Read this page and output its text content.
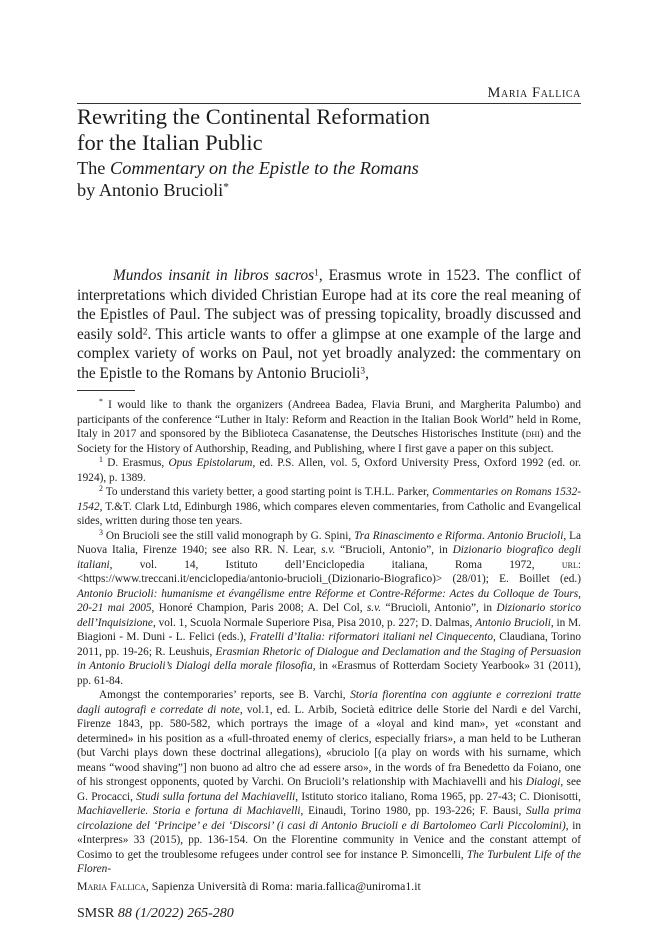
Maria Fallica
Rewriting the Continental Reformation
for the Italian Public
The Commentary on the Epistle to the Romans
by Antonio Brucioli*

Mundos insanit in libros sacros$^1$, Erasmus wrote in 1523. The conflict of interpretations which divided Christian Europe had at its core the real meaning of the Epistles of Paul. The subject was of pressing topicality, broadly discussed and easily sold$^2$. This article wants to offer a glimpse at one example of the large and complex variety of works on Paul, not yet broadly analyzed: the commentary on the Epistle to the Romans by Antonio Brucioli$^3$,

* I would like to thank the organizers (Andreea Badea, Flavia Bruni, and Margherita Palumbo) and participants of the conference “Luther in Italy: Reform and Reaction in the Italian Book World” held in Rome, Italy in 2017 and sponsored by the Biblioteca Casanatense, the Deutsches Historisches Institute (dhi) and the Society for the History of Authorship, Reading, and Publishing, where I first gave a paper on this subject.

$^1$ D. Erasmus, Opus Epistolarum, ed. P.S. Allen, vol. 5, Oxford University Press, Oxford 1992 (ed. or. 1924), p. 1389.

$^2$ To understand this variety better, a good starting point is T.H.L. Parker, Commentaries on Romans 1532-1542, T.&T. Clark Ltd, Edinburgh 1986, which compares eleven commentaries, from Catholic and Evangelical sides, written during those ten years.

$^3$ On Brucioli see the still valid monograph by G. Spini, Tra Rinascimento e Riforma. Antonio Brucioli, La Nuova Italia, Firenze 1940; see also RR. N. Lear, s.v. “Brucioli, Antonio”, in Dizionario biografico degli italiani, vol. 14, Istituto dell’Enciclopedia italiana, Roma 1972, url: <https://www.treccani.it/enciclopedia/antonio-brucioli_(Dizionario-Biografico)> (28/01); E. Boillet (ed.) Antonio Brucioli: humanisme et évangélisme entre Réforme et Contre-Réforme: Actes du Colloque de Tours, 20-21 mai 2005, Honoré Champion, Paris 2008; A. Del Col, s.v. “Brucioli, Antonio”, in Dizionario storico dell’Inquisizione, vol. 1, Scuola Normale Superiore Pisa, Pisa 2010, p. 227; D. Dalmas, Antonio Brucioli, in M. Biagioni - M. Duni - L. Felici (eds.), Fratelli d’Italia: riformatori italiani nel Cinquecento, Claudiana, Torino 2011, pp. 19-26; R. Leushuis, Erasmian Rhetoric of Dialogue and Declamation and the Staging of Persuasion in Antonio Brucioli’s Dialogi della morale filosofia, in «Erasmus of Rotterdam Society Yearbook» 31 (2011), pp. 61-84.

Amongst the contemporaries’ reports, see B. Varchi, Storia fiorentina con aggiunte e correzioni tratte dagli autografi e corredate di note, vol.1, ed. L. Arbib, Società editrice delle Storie del Nardi e del Varchi, Firenze 1843, pp. 580-582, which portrays the image of a «loyal and kind man», yet «constant and determined» in his position as a «full-throated enemy of clerics, especially friars», a man held to be Lutheran (but Varchi plays down these doctrinal allegations), «bruciolo [(a play on words with his surname, which means “wood shaving”] non buono ad altro che ad essere arso», in the words of fra Benedetto da Foiano, one of his strongest opponents, quoted by Varchi. On Brucioli’s relationship with Machiavelli and his Dialogi, see G. Procacci, Studi sulla fortuna del Machiavelli, Istituto storico italiano, Roma 1965, pp. 27-43; C. Dionisotti, Machiavellerie. Storia e fortuna di Machiavelli, Einaudi, Torino 1980, pp. 193-226; F. Bausi, Sulla prima circolazione del ‘Principe’ e dei ‘Discorsi’ (i casi di Antonio Brucioli e di Bartolomeo Carli Piccolomini), in «Interpres» 33 (2015), pp. 136-154. On the Florentine community in Venice and the constant attempt of Cosimo to get the troublesome refugees under control see for instance P. Simoncelli, The Turbulent Life of the Floren-

Maria Fallica, Sapienza Università di Roma: maria.fallica@uniroma1.it
SMSR 88 (1/2022) 265-280
